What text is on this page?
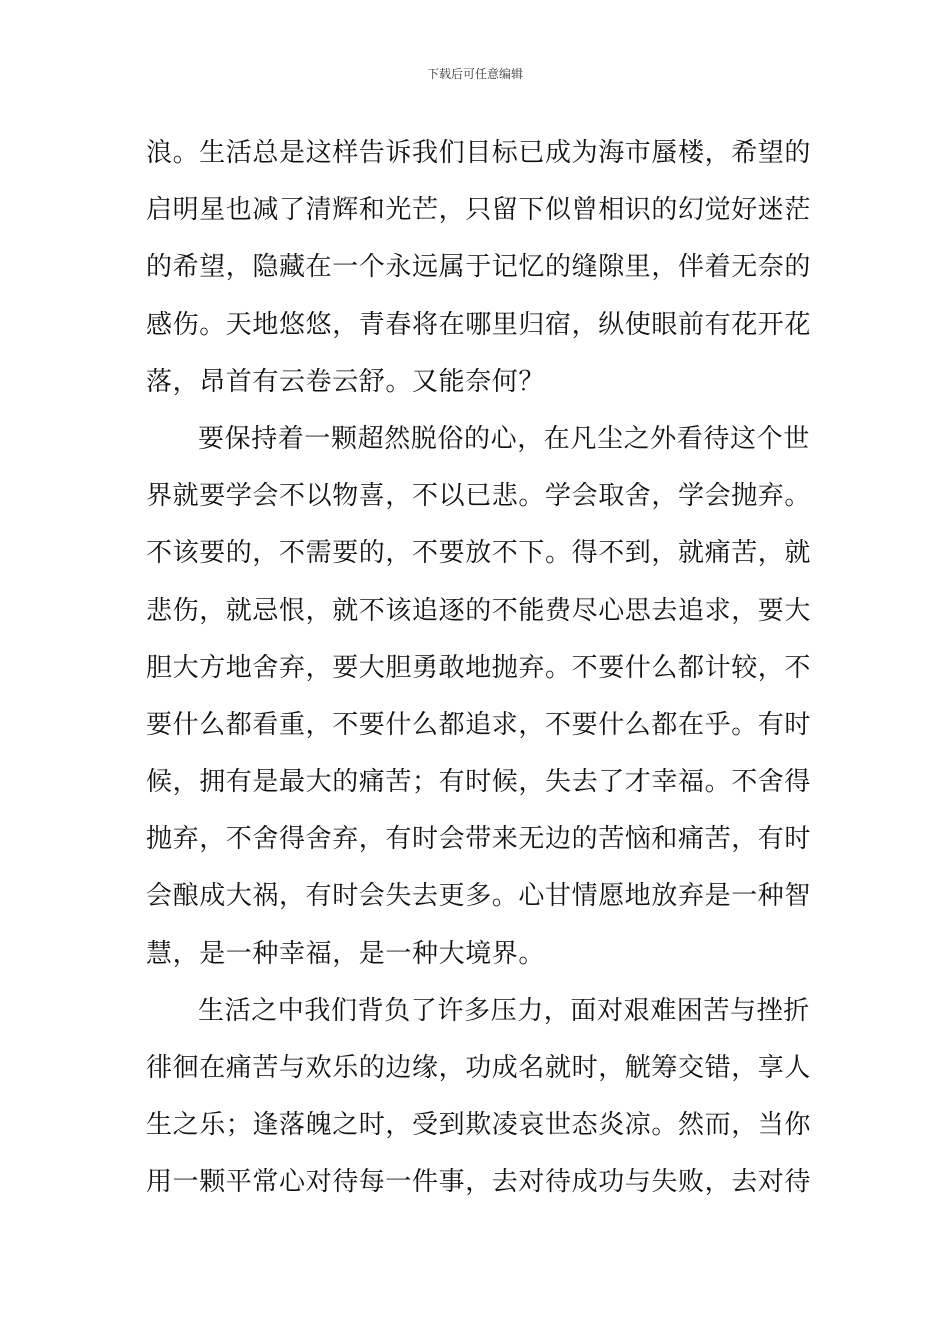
下载后可任意编辑
浪。生活总是这样告诉我们目标已成为海市蜃楼，希望的
启明星也减了清辉和光芒，只留下似曾相识的幻觉好迷茫
的希望，隐藏在一个永远属于记忆的缝隙里，伴着无奈的
感伤。天地悠悠，青春将在哪里归宿，纵使眼前有花开花
落，昂首有云卷云舒。又能奈何？
要保持着一颗超然脱俗的心，在凡尘之外看待这个世
界就要学会不以物喜，不以已悲。学会取舍，学会抛弃。
不该要的，不需要的，不要放不下。得不到，就痛苦，就
悲伤，就忌恨，就不该追逐的不能费尽心思去追求，要大
胆大方地舍弃，要大胆勇敢地抛弃。不要什么都计较，不
要什么都看重，不要什么都追求，不要什么都在乎。有时
候，拥有是最大的痛苦；有时候，失去了才幸福。不舍得
抛弃，不舍得舍弃，有时会带来无边的苦恼和痛苦，有时
会酿成大祸，有时会失去更多。心甘情愿地放弃是一种智
慧，是一种幸福，是一种大境界。
生活之中我们背负了许多压力，面对艰难困苦与挫折
徘徊在痛苦与欢乐的边缘，功成名就时，觥筹交错，享人
生之乐；逢落魄之时，受到欺凌哀世态炎凉。然而，当你
用一颗平常心对待每一件事，去对待成功与失败，去对待
